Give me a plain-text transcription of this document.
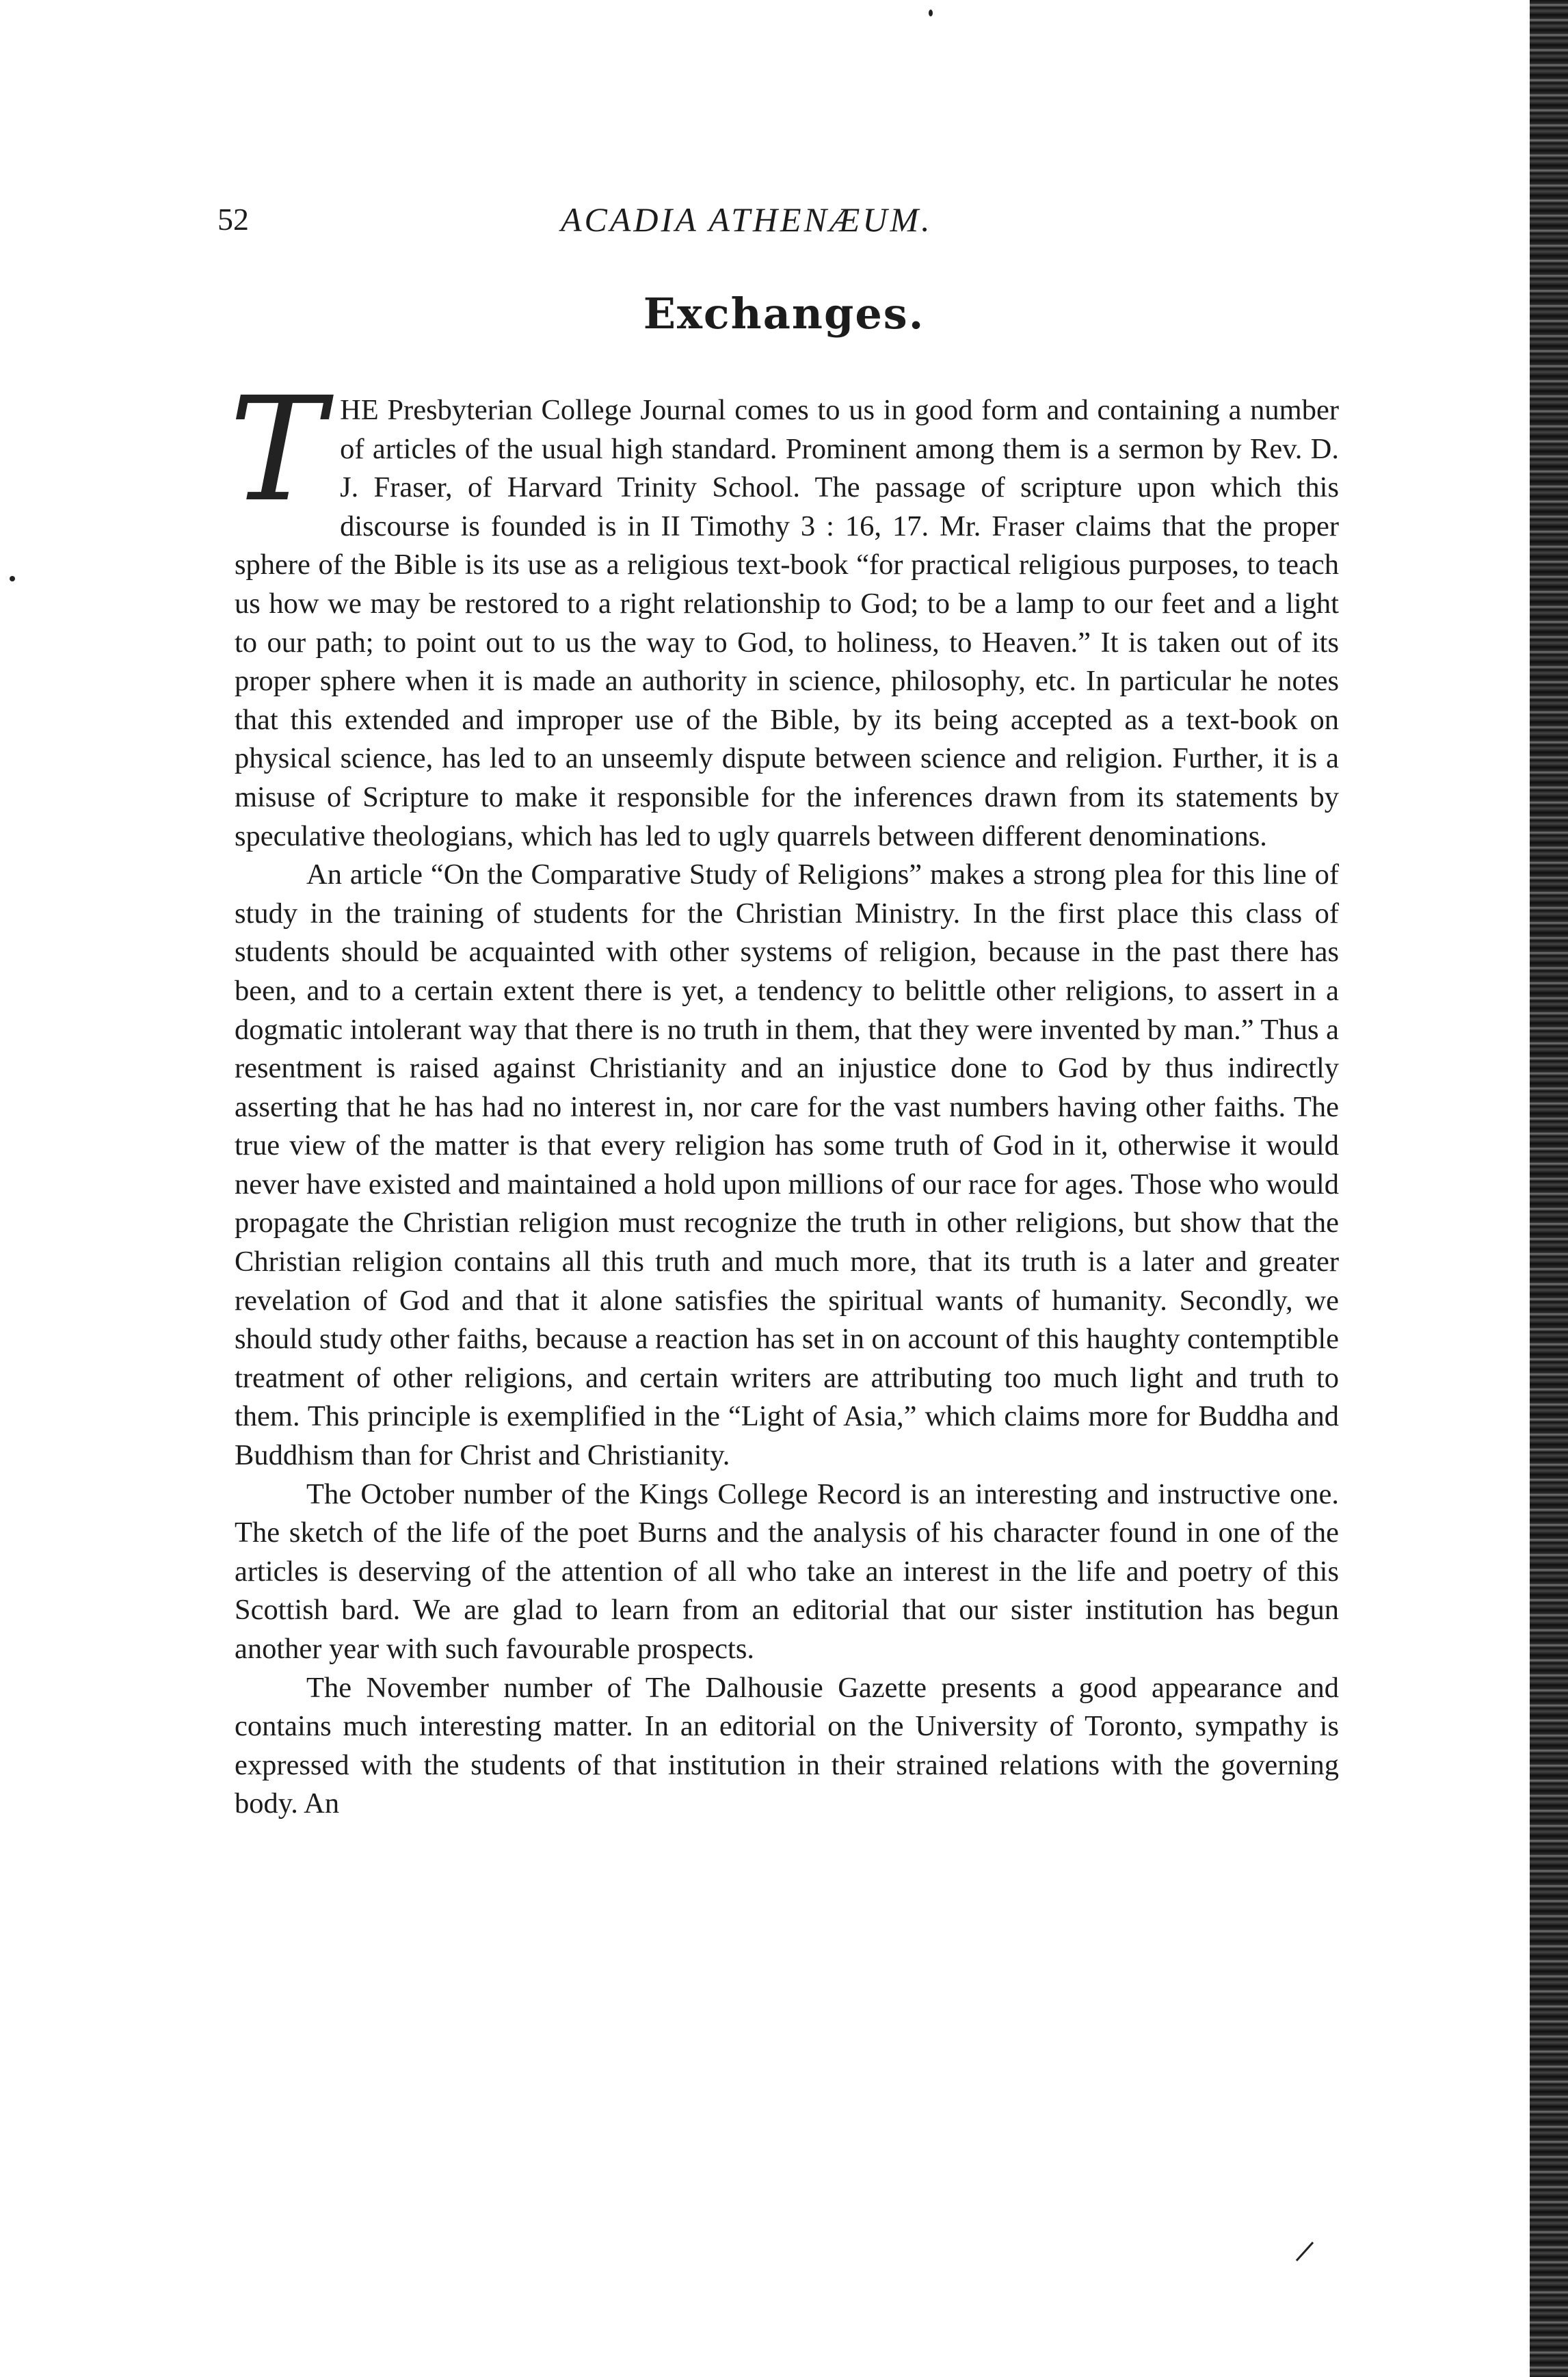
52	ACADIA ATHENÆUM.
Exchanges.

THE Presbyterian College Journal comes to us in good form and containing a number of articles of the usual high standard. Prominent among them is a sermon by Rev. D. J. Fraser, of Harvard Trinity School. The passage of scripture upon which this discourse is founded is in II Timothy 3 : 16, 17. Mr. Fraser claims that the proper sphere of the Bible is its use as a religious text-book “for practical religious purposes, to teach us how we may be restored to a right relationship to God; to be a lamp to our feet and a light to our path; to point out to us the way to God, to holiness, to Heaven.” It is taken out of its proper sphere when it is made an authority in science, philosophy, etc. In particular he notes that this extended and improper use of the Bible, by its being accepted as a text-book on physical science, has led to an unseemly dispute between science and religion. Further, it is a misuse of Scripture to make it responsible for the inferences drawn from its statements by speculative theologians, which has led to ugly quarrels between different denominations.

An article “On the Comparative Study of Religions” makes a strong plea for this line of study in the training of students for the Christian Ministry. In the first place this class of students should be acquainted with other systems of religion, because in the past there has been, and to a certain extent there is yet, a tendency to belittle other religions, to assert in a dogmatic intolerant way that there is no truth in them, that they were invented by man.” Thus a resentment is raised against Christianity and an injustice done to God by thus indirectly asserting that he has had no interest in, nor care for the vast numbers having other faiths. The true view of the matter is that every religion has some truth of God in it, otherwise it would never have existed and maintained a hold upon millions of our race for ages. Those who would propagate the Christian religion must recognize the truth in other religions, but show that the Christian religion contains all this truth and much more, that its truth is a later and greater revelation of God and that it alone satisfies the spiritual wants of humanity. Secondly, we should study other faiths, because a reaction has set in on account of this haughty contemptible treatment of other religions, and certain writers are attributing too much light and truth to them. This principle is exemplified in the “Light of Asia,” which claims more for Buddha and Buddhism than for Christ and Christianity.

The October number of the Kings College Record is an interesting and instructive one. The sketch of the life of the poet Burns and the analysis of his character found in one of the articles is deserving of the attention of all who take an interest in the life and poetry of this Scottish bard. We are glad to learn from an editorial that our sister institution has begun another year with such favourable prospects.

The November number of The Dalhousie Gazette presents a good appearance and contains much interesting matter. In an editorial on the University of Toronto, sympathy is expressed with the students of that institution in their strained relations with the governing body. An
